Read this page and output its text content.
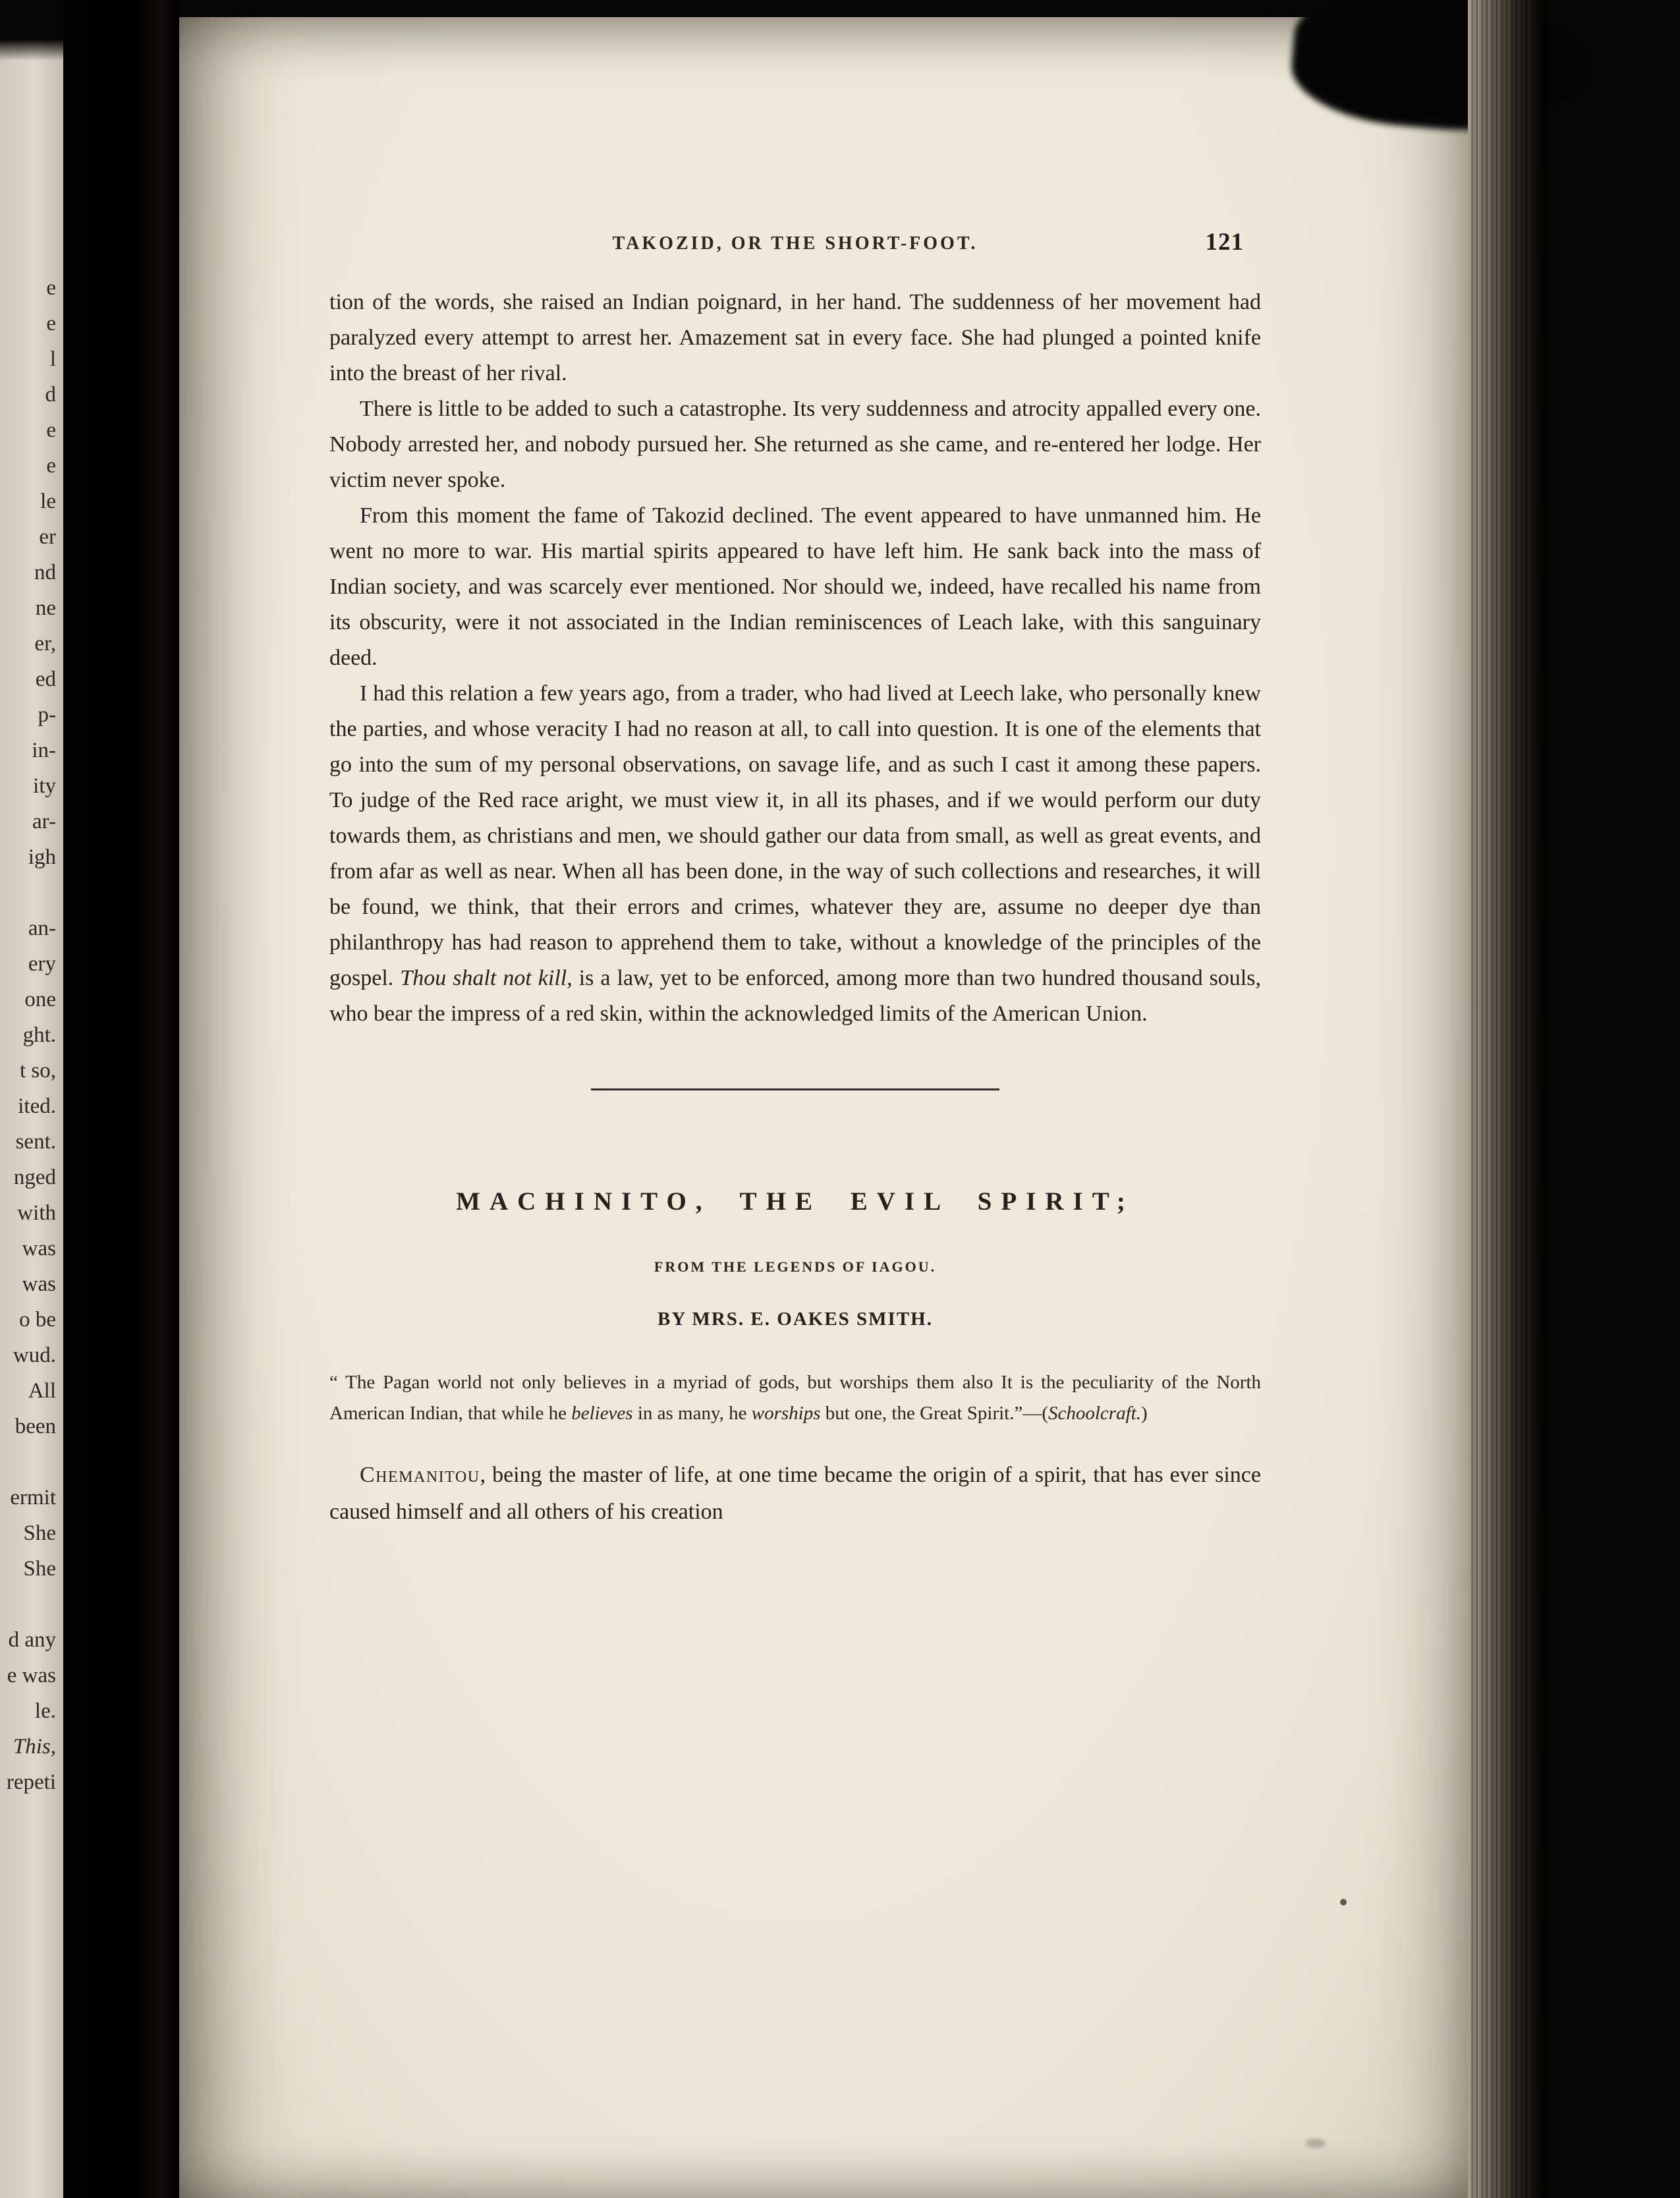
e
e
l
d
e
e
le
er
nd
ne
er,
ed
p-
in-
ity
ar-
igh

an-
ery
one
ght.
t so,
ited.
sent.
nged
with
was
was
o be
wud.
All
been

ermit
She
She

d any
e was
le.
This,
repeti
TAKOZID, OR THE SHORT-FOOT.	121

tion of the words, she raised an Indian poignard, in her hand. The suddenness of her movement had paralyzed every attempt to arrest her. Amazement sat in every face. She had plunged a pointed knife into the breast of her rival.

There is little to be added to such a catastrophe. Its very suddenness and atrocity appalled every one. Nobody arrested her, and nobody pursued her. She returned as she came, and re-entered her lodge. Her victim never spoke.

From this moment the fame of Takozid declined. The event appeared to have unmanned him. He went no more to war. His martial spirits appeared to have left him. He sank back into the mass of Indian society, and was scarcely ever mentioned. Nor should we, indeed, have recalled his name from its obscurity, were it not associated in the Indian reminiscences of Leach lake, with this sanguinary deed.

I had this relation a few years ago, from a trader, who had lived at Leech lake, who personally knew the parties, and whose veracity I had no reason at all, to call into question. It is one of the elements that go into the sum of my personal observations, on savage life, and as such I cast it among these papers. To judge of the Red race aright, we must view it, in all its phases, and if we would perform our duty towards them, as christians and men, we should gather our data from small, as well as great events, and from afar as well as near. When all has been done, in the way of such collections and researches, it will be found, we think, that their errors and crimes, whatever they are, assume no deeper dye than philanthropy has had reason to apprehend them to take, without a knowledge of the principles of the gospel. Thou shalt not kill, is a law, yet to be enforced, among more than two hundred thousand souls, who bear the impress of a red skin, within the acknowledged limits of the American Union.

MACHINITO, THE EVIL SPIRIT;
FROM THE LEGENDS OF IAGOU.
BY MRS. E. OAKES SMITH.

“ The Pagan world not only believes in a myriad of gods, but worships them also It is the peculiarity of the North American Indian, that while he believes in as many, he worships but one, the Great Spirit.”—(Schoolcraft.)

Chemanitou, being the master of life, at one time became the origin of a spirit, that has ever since caused himself and all others of his creation
